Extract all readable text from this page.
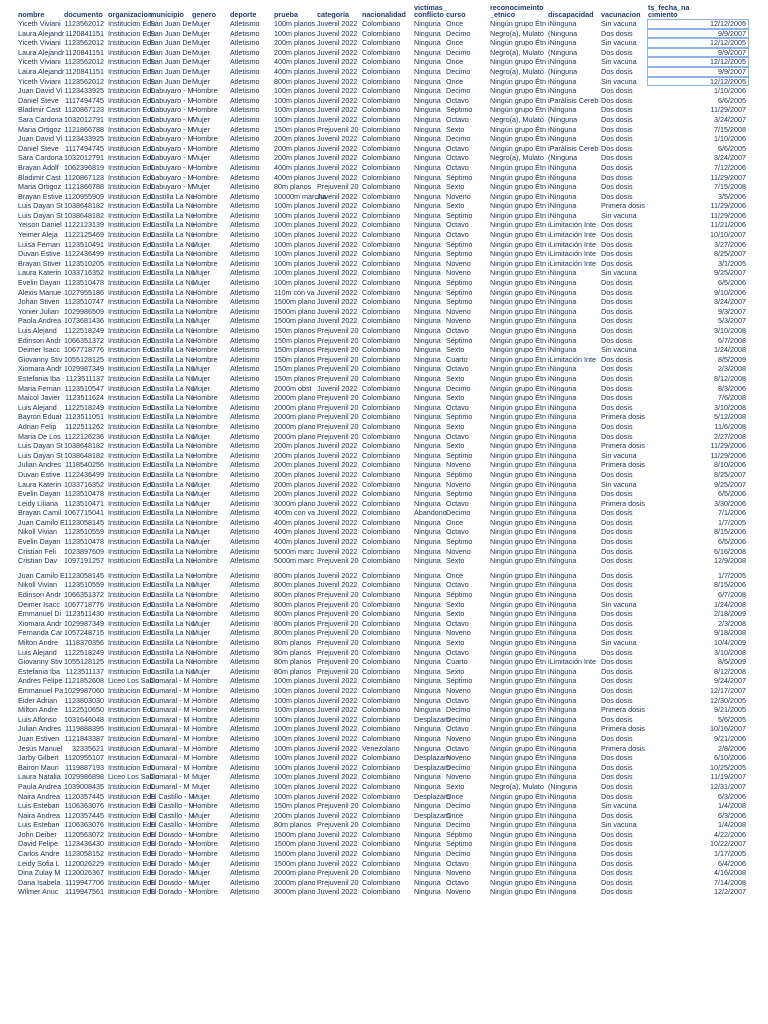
nombre	documento	organizacion	municipio	genero	deporte	prueba	categoria	nacionalidad	victimas_
conflicto	curso	reconocimeinto
_etnico	discapacidad	vacunacion	ts_fecha_na
cimiento
Yiceth Viviani	1123562012	Institucion Edu	San Juan De	Mujer	Atletismo	100m planos	Juvenil 2022	Colombiano	Ninguna	Once	Ningún grupo Étn	iNinguna	Sin vacuna	12/12/2005
Laura Alejandr	1120841151	Institucion Edu	San Juan De	Mujer	Atletismo	100m planos	Juvenil 2022	Colombiano	Ninguna	Decimo	Negro(a), Mulato	(Ninguna	Dos dosis	9/9/2007
Yiceth Viviani	1123562012	Institucion Edu	San Juan De	Mujer	Atletismo	200m planos	Juvenil 2022	Colombiano	Ninguna	Once	Ningún grupo Étn	iNinguna	Sin vacuna	12/12/2005
Laura Alejandr	1120841151	Institucion Edu	San Juan De	Mujer	Atletismo	200m planos	Juvenil 2022	Colombiano	Ninguna	Decimo	Negro(a), Mulato	(Ninguna	Dos dosis	9/9/2007
Yiceth Viviani	1123562012	Institucion Edu	San Juan De	Mujer	Atletismo	400m planos	Juvenil 2022	Colombiano	Ninguna	Once	Ningún grupo Étn	iNinguna	Sin vacuna	12/12/2005
Laura Alejandr	1120841151	Institucion Edu	San Juan De	Mujer	Atletismo	400m planos	Juvenil 2022	Colombiano	Ninguna	Decimo	Negro(a), Mulato	(Ninguna	Dos dosis	9/9/2007
Yiceth Viviani	1123562012	Institucion Edu	San Juan De	Mujer	Atletismo	800m planos	Juvenil 2022	Colombiano	Ninguna	Once	Ningún grupo Étn	iNinguna	Sin vacuna	12/12/2005
Juan David Vi	1123433925	Institucion Edu	Cabuyaro - M	Hombre	Atletismo	100m planos	Juvenil 2022	Colombiano	Ninguna	Decimo	Ningún grupo Étn	iNinguna	Dos dosis	1/10/2006
Daniel Steve	1117494745	Institucion Edu	Cabuyaro - M	Hombre	Atletismo	100m planos	Juvenil 2022	Colombiano	Ninguna	Octavo	Ningún grupo Étn	iParálisis Cereb	Dos dosis	6/6/2005
Bladimir Cast	1120867123	Institucion Edu	Cabuyaro - M	Hombre	Atletismo	100m planos	Juvenil 2022	Colombiano	Ninguna	Séptimo	Ningún grupo Étn	iNinguna	Dos dosis	11/29/2007
Sara Cardona	1032012791	Institucion Edu	Cabuyaro - M	Mujer	Atletismo	100m planos	Juvenil 2022	Colombiano	Ninguna	Octavo	Negro(a), Mulato	(Ninguna	Dos dosis	3/24/2007
Maria Ortigoz	1121866788	Institucion Edu	Cabuyaro - M	Mujer	Atletismo	150m planos	Prejuvenil 20	Colombiano	Ninguna	Sexto	Ningún grupo Étn	iNinguna	Dos dosis	7/15/2008
Juan David Vi	1123433925	Institucion Edu	Cabuyaro - M	Hombre	Atletismo	200m planos	Juvenil 2022	Colombiano	Ninguna	Decimo	Ningún grupo Étn	iNinguna	Dos dosis	1/10/2006
Daniel Steve	1117494745	Institucion Edu	Cabuyaro - M	Hombre	Atletismo	200m planos	Juvenil 2022	Colombiano	Ninguna	Octavo	Ningún grupo Étn	iParálisis Cereb	Dos dosis	6/6/2005
Sara Cardona	1032012791	Institucion Edu	Cabuyaro - M	Mujer	Atletismo	200m planos	Juvenil 2022	Colombiano	Ninguna	Octavo	Negro(a), Mulato	(Ninguna	Dos dosis	3/24/2007
Brayan Adolf	1062396819	Institucion Edu	Cabuyaro - M	Hombre	Atletismo	400m planos	Juvenil 2022	Colombiano	Ninguna	Octavo	Ningún grupo Étn	iNinguna	Dos dosis	7/12/2006
Bladimir Cast	1120867123	Institucion Edu	Cabuyaro - M	Hombre	Atletismo	400m planos	Juvenil 2022	Colombiano	Ninguna	Séptimo	Ningún grupo Étn	iNinguna	Dos dosis	11/29/2007
Maria Ortigoz	1121866788	Institucion Edu	Cabuyaro - M	Mujer	Atletismo	80m planos	Prejuvenil 20	Colombiano	Ninguna	Sexto	Ningún grupo Étn	iNinguna	Dos dosis	7/15/2008
Brayan Estive	1120955909	Institucion Edu	Castilla La Nu	Hombre	Atletismo	10000m marcha	Juvenil 2022	Colombiano	Ninguna	Noveno	Ningún grupo Étn	iNinguna	Dos dosis	3/5/2006
Luis Dayan St	1038648182	Institucion Edu	Castilla La Nu	Hombre	Atletismo	100m planos	Juvenil 2022	Colombiano	Ninguna	Sexto	Ningún grupo Étn	iNinguna	Primera dosis	11/29/2006
Luis Dayan St	1038648182	Institucion Edu	Castilla La Nu	Hombre	Atletismo	100m planos	Juvenil 2022	Colombiano	Ninguna	Séptimo	Ningún grupo Étn	iNinguna	Sin vacuna	11/29/2006
Yeison Daniel	1122123139	Institucion Edu	Castilla La Nu	Hombre	Atletismo	100m planos	Juvenil 2022	Colombiano	Ninguna	Octavo	Ningún grupo Étn	iLimitación Inte	Dos dosis	11/21/2006
Yeimer Aleja	1122125469	Institucion Edu	Castilla La Nu	Hombre	Atletismo	100m planos	Juvenil 2022	Colombiano	Ninguna	Octavo	Ningún grupo Étn	iLimitación Inte	Dos dosis	10/10/2007
Luisa Fernan	1123510491	Institucion Edu	Castilla La Nu	Mujer	Atletismo	100m planos	Juvenil 2022	Colombiano	Ninguna	Séptimo	Ningún grupo Étn	iLimitación Inte	Dos dosis	3/27/2006
Duvan Estive	1122436499	Institucion Edu	Castilla La Nu	Hombre	Atletismo	100m planos	Juvenil 2022	Colombiano	Ninguna	Séptimo	Ningún grupo Étn	iLimitación Inte	Dos dosis	8/25/2007
Brayan Stiver	1123510205	Institucion Edu	Castilla La Nu	Hombre	Atletismo	100m planos	Juvenil 2022	Colombiano	Ninguna	Noveno	Ningún grupo Étn	iLimitación Inte	Dos dosis	3/1/2005
Laura Katerin	1033716352	Institucion Edu	Castilla La Nu	Mujer	Atletismo	100m planos	Juvenil 2022	Colombiano	Ninguna	Noveno	Ningún grupo Étn	iNinguna	Sin vacuna	9/25/2007
Evelin Dayan	1123510478	Institucion Edu	Castilla La Nu	Mujer	Atletismo	100m planos	Juvenil 2022	Colombiano	Ninguna	Séptimo	Ningún grupo Étn	iNinguna	Dos dosis	6/5/2006
Alexis Manue	1027955186	Institucion Edu	Castilla La Nu	Hombre	Atletismo	110m con va	Juvenil 2022	Colombiano	Ninguna	Séptimo	Ningún grupo Étn	iNinguna	Dos dosis	9/10/2006
Johan Stiven	1123510747	Institucion Edu	Castilla La Nu	Hombre	Atletismo	1500m plano	Juvenil 2022	Colombiano	Ninguna	Séptimo	Ningún grupo Étn	iNinguna	Dos dosis	3/24/2007
Yonier Julian	1029986509	Institucion Edu	Castilla La Nu	Hombre	Atletismo	1500m plano	Juvenil 2022	Colombiano	Ninguna	Noveno	Ningún grupo Étn	iNinguna	Dos dosis	9/3/2007
Paola Andrea	1073681436	Institucion Edu	Castilla La Nu	Mujer	Atletismo	1500m plano	Juvenil 2022	Colombiano	Ninguna	Noveno	Ningún grupo Étn	iNinguna	Dos dosis	5/3/2007
Luis Alejand	1122518249	Institucion Edu	Castilla La Nu	Hombre	Atletismo	150m planos	Prejuvenil 20	Colombiano	Ninguna	Octavo	Ningún grupo Étn	iNinguna	Dos dosis	3/10/2008
Edinson Andr	1066351372	Institucion Edu	Castilla La Nu	Hombre	Atletismo	150m planos	Prejuvenil 20	Colombiano	Ninguna	Séptimo	Ningún grupo Étn	iNinguna	Dos dosis	6/7/2008
Deimer Isacc	1067718776	Institucion Edu	Castilla La Nu	Hombre	Atletismo	150m planos	Prejuvenil 20	Colombiano	Ninguna	Sexto	Ningún grupo Étn	iNinguna	Sin vacuna	1/24/2008
Giovanny Stiv	1055128125	Institucion Edu	Castilla La Nu	Hombre	Atletismo	150m planos	Prejuvenil 20	Colombiano	Ninguna	Cuarto	Ningún grupo Étn	iLimitación Inte	Dos dosis	8/5/2009
Xiomara Andr	1029987349	Institucion Edu	Castilla La Nu	Mujer	Atletismo	150m planos	Prejuvenil 20	Colombiano	Ninguna	Octavo	Ningún grupo Étn	iNinguna	Dos dosis	2/3/2008
Estefania Iba	1123511137	Institucion Edu	Castilla La Nu	Mujer	Atletismo	150m planos	Prejuvenil 20	Colombiano	Ninguna	Sexto	Ningún grupo Étn	iNinguna	Dos dosis	8/12/2008
Maria Fernan	1123510547	Institucion Edu	Castilla La Nu	Mujer	Atletismo	2000m obst	Juvenil 2022	Colombiano	Ninguna	Decimo	Ningún grupo Étn	iNinguna	Dos dosis	8/3/2006
Maicol Javier	1123511624	Institucion Edu	Castilla La Nu	Hombre	Atletismo	2000m plano	Prejuvenil 20	Colombiano	Ninguna	Sexto	Ningún grupo Étn	iNinguna	Dos dosis	7/6/2008
Luis Alejand	1122518249	Institucion Edu	Castilla La Nu	Hombre	Atletismo	2000m plano	Prejuvenil 20	Colombiano	Ninguna	Octavo	Ningún grupo Étn	iNinguna	Dos dosis	3/10/2008
Bayron Eduar	1123511051	Institucion Edu	Castilla La Nu	Hombre	Atletismo	2000m plano	Prejuvenil 20	Colombiano	Ninguna	Séptimo	Ningún grupo Étn	iNinguna	Primera dosis	5/12/2008
Adrian Felip	1122511262	Institucion Edu	Castilla La Nu	Hombre	Atletismo	2000m plano	Prejuvenil 20	Colombiano	Ninguna	Sexto	Ningún grupo Étn	iNinguna	Dos dosis	11/6/2008
Maria De Los	1122126236	Institucion Edu	Castilla La Nu	Mujer	Atletismo	2000m plano	Prejuvenil 20	Colombiano	Ninguna	Octavo	Ningún grupo Étn	iNinguna	Dos dosis	2/27/2008
Luis Dayan St	1038648182	Institucion Edu	Castilla La Nu	Hombre	Atletismo	200m planos	Juvenil 2022	Colombiano	Ninguna	Sexto	Ningún grupo Étn	iNinguna	Primera dosis	11/29/2006
Luis Dayan St	1038648182	Institucion Edu	Castilla La Nu	Hombre	Atletismo	200m planos	Juvenil 2022	Colombiano	Ninguna	Séptimo	Ningún grupo Étn	iNinguna	Sin vacuna	11/29/2006
Julian Andres	1118540256	Institucion Edu	Castilla La Nu	Hombre	Atletismo	200m planos	Juvenil 2022	Colombiano	Ninguna	Noveno	Ningún grupo Étn	iNinguna	Primera dosis	8/10/2006
Duvan Estive	1122436499	Institucion Edu	Castilla La Nu	Hombre	Atletismo	200m planos	Juvenil 2022	Colombiano	Ninguna	Séptimo	Ningún grupo Étn	iNinguna	Dos dosis	8/25/2007
Laura Katerin	1033716352	Institucion Edu	Castilla La Nu	Mujer	Atletismo	200m planos	Juvenil 2022	Colombiano	Ninguna	Noveno	Ningún grupo Étn	iNinguna	Sin vacuna	9/25/2007
Evelin Dayan	1123510478	Institucion Edu	Castilla La Nu	Mujer	Atletismo	200m planos	Juvenil 2022	Colombiano	Ninguna	Séptimo	Ningún grupo Étn	iNinguna	Dos dosis	6/5/2006
Leidy Liliana	1123510471	Institucion Edu	Castilla La Nu	Mujer	Atletismo	3000m plano	Juvenil 2022	Colombiano	Ninguna	Octavo	Ningún grupo Étn	iNinguna	Primera dosis	3/30/2006
Brayan Camil	1067715041	Institucion Edu	Castilla La Nu	Hombre	Atletismo	400m con va	Juvenil 2022	Colombiano	Abandono	Decimo	Ningún grupo Étn	iNinguna	Dos dosis	7/1/2006
Juan Camilo E	1123058145	Institucion Edu	Castilla La Nu	Hombre	Atletismo	400m planos	Juvenil 2022	Colombiano	Ninguna	Once	Ningún grupo Étn	iNinguna	Dos dosis	1/7/2005
Nikoll Vivian	1123510559	Institucion Edu	Castilla La Nu	Mujer	Atletismo	400m planos	Juvenil 2022	Colombiano	Ninguna	Octavo	Ningún grupo Étn	iNinguna	Dos dosis	8/15/2006
Evelin Dayan	1123510478	Institucion Edu	Castilla La Nu	Mujer	Atletismo	400m planos	Juvenil 2022	Colombiano	Ninguna	Séptimo	Ningún grupo Étn	iNinguna	Dos dosis	6/5/2006
Cristian Feli	1023897609	Institucion Edu	Castilla La Nu	Hombre	Atletismo	5000m marc	Juvenil 2022	Colombiano	Ninguna	Noveno	Ningún grupo Étn	iNinguna	Dos dosis	6/16/2008
Cristian Dav	1097191257	Institucion Edu	Castilla La Nu	Hombre	Atletismo	5000m marc	Prejuvenil 20	Colombiano	Ninguna	Sexto	Ningún grupo Étn	iNinguna	Dos dosis	12/9/2008

Juan Camilo E	1123058145	Institucion Edu	Castilla La Nu	Hombre	Atletismo	800m planos	Juvenil 2022	Colombiano	Ninguna	Once	Ningún grupo Étn	iNinguna	Dos dosis	1/7/2005
Nikoll Vivian	1123510559	Institucion Edu	Castilla La Nu	Mujer	Atletismo	800m planos	Juvenil 2022	Colombiano	Ninguna	Octavo	Ningún grupo Étn	iNinguna	Dos dosis	8/15/2006
Edinson Andr	1066351372	Institucion Edu	Castilla La Nu	Hombre	Atletismo	800m planos	Prejuvenil 20	Colombiano	Ninguna	Séptimo	Ningún grupo Étn	iNinguna	Dos dosis	6/7/2008
Deimer Isacc	1067718776	Institucion Edu	Castilla La Nu	Hombre	Atletismo	800m planos	Prejuvenil 20	Colombiano	Ninguna	Sexto	Ningún grupo Étn	iNinguna	Sin vacuna	1/24/2008
Emmanuel Di	1123511430	Institucion Edu	Castilla La Nu	Hombre	Atletismo	800m planos	Prejuvenil 20	Colombiano	Ninguna	Sexto	Ningún grupo Étn	iNinguna	Dos dosis	2/18/2009
Xiomara Andr	1029987349	Institucion Edu	Castilla La Nu	Mujer	Atletismo	800m planos	Prejuvenil 20	Colombiano	Ninguna	Octavo	Ningún grupo Étn	iNinguna	Dos dosis	2/3/2008
Fernanda Car	1057248715	Institucion Edu	Castilla La Nu	Mujer	Atletismo	800m planos	Prejuvenil 20	Colombiano	Ninguna	Noveno	Ningún grupo Étn	iNinguna	Dos dosis	9/18/2008
Milton Andre	1118370356	Institucion Edu	Castilla La Nu	Hombre	Atletismo	80m planos	Prejuvenil 20	Colombiano	Ninguna	Sexto	Ningún grupo Étn	iNinguna	Sin vacuna	10/4/2009
Luis Alejand	1122518249	Institucion Edu	Castilla La Nu	Hombre	Atletismo	80m planos	Prejuvenil 20	Colombiano	Ninguna	Octavo	Ningún grupo Étn	iNinguna	Dos dosis	3/10/2008
Giovanny Stiv	1055128125	Institucion Edu	Castilla La Nu	Hombre	Atletismo	80m planos	Prejuvenil 20	Colombiano	Ninguna	Cuarto	Ningún grupo Étn	iLimitación Inte	Dos dosis	8/5/2009
Estefania Iba	1123511137	Institucion Edu	Castilla La Nu	Mujer	Atletismo	80m planos	Prejuvenil 20	Colombiano	Ninguna	Sexto	Ningún grupo Étn	iNinguna	Dos dosis	8/12/2008
Andres Felipe	1121852608	Liceo Los Sabio	Cumaral - M	Hombre	Atletismo	100m planos	Juvenil 2022	Colombiano	Ninguna	Séptimo	Ningún grupo Étn	iNinguna	Dos dosis	9/24/2007
Emmanuel Pa	1029987060	Institucion Edu	Cumaral - M	Hombre	Atletismo	100m planos	Juvenil 2022	Colombiano	Ninguna	Noveno	Ningún grupo Étn	iNinguna	Dos dosis	12/17/2007
Eider Adrian	1123803030	Institucion Edu	Cumaral - M	Hombre	Atletismo	100m planos	Juvenil 2022	Colombiano	Ninguna	Octavo	Ningún grupo Étn	iNinguna	Dos dosis	12/30/2005
Milton Andre	1122510650	Institucion Edu	Cumaral - M	Hombre	Atletismo	100m planos	Juvenil 2022	Colombiano	Ninguna	Decimo	Ningún grupo Étn	iNinguna	Primera dosis	9/21/2005
Luis Alfonso	1031646048	Institucion Edu	Cumaral - M	Hombre	Atletismo	100m planos	Juvenil 2022	Colombiano	Desplazam	Decimo	Ningún grupo Étn	iNinguna	Dos dosis	5/6/2005
Julian Andres	1119888395	Institucion Edu	Cumaral - M	Hombre	Atletismo	100m planos	Juvenil 2022	Colombiano	Ninguna	Octavo	Ningún grupo Étn	iNinguna	Primera dosis	10/16/2007
Juan Estiven	1121843387	Institucion Edu	Cumaral - M	Hombre	Atletismo	100m planos	Juvenil 2022	Colombiano	Ninguna	Noveno	Ningún grupo Étn	iNinguna	Dos dosis	9/21/2006
Jesus Manuel	32335621	Institucion Edu	Cumaral - M	Hombre	Atletismo	100m planos	Juvenil 2022	Venezolano	Ninguna	Octavo	Ningún grupo Étn	iNinguna	Primera dosis	2/8/2006
Jarby Gilbert	1120955107	Institucion Edu	Cumaral - M	Hombre	Atletismo	100m planos	Juvenil 2022	Colombiano	Desplazam	Noveno	Ningún grupo Étn	iNinguna	Dos dosis	6/10/2006
Bairon Mauri	1119887193	Institucion Edu	Cumaral - M	Hombre	Atletismo	100m planos	Juvenil 2022	Colombiano	Desplazam	Decimo	Ningún grupo Étn	iNinguna	Dos dosis	10/25/2005
Laura Natalia	1029986898	Liceo Los Sabio	Cumaral - M	Mujer	Atletismo	100m planos	Juvenil 2022	Colombiano	Ninguna	Noveno	Ningún grupo Étn	iNinguna	Dos dosis	11/19/2007
Paula Andrea	1039008435	Institucion Edu	Cumaral - M	Mujer	Atletismo	100m planos	Juvenil 2022	Colombiano	Ninguna	Sexto	Negro(a), Mulato	(Ninguna	Dos dosis	12/31/2007
Naira Andrea	1120357445	Institucion Edu	El Castillo - M	Mujer	Atletismo	100m planos	Juvenil 2022	Colombiano	Desplazam	Once	Ningún grupo Étn	iNinguna	Dos dosis	6/3/2006
Luis Esteban	1106363076	Institucion Edu	El Castillo - M	Hombre	Atletismo	150m planos	Prejuvenil 20	Colombiano	Ninguna	Decimo	Ningún grupo Étn	iNinguna	Sin vacuna	1/4/2008
Naira Andrea	1120357445	Institucion Edu	El Castillo - M	Mujer	Atletismo	200m planos	Juvenil 2022	Colombiano	Desplazam	Once	Ningún grupo Étn	iNinguna	Dos dosis	6/3/2006
Luis Esteban	1106363076	Institucion Edu	El Castillo - M	Hombre	Atletismo	80m planos	Prejuvenil 20	Colombiano	Ninguna	Decimo	Ningún grupo Étn	iNinguna	Sin vacuna	1/4/2008
John Deiber	1120563072	Institucion Edu	El Dorado - M	Hombre	Atletismo	1500m plano	Juvenil 2022	Colombiano	Ninguna	Séptimo	Ningún grupo Étn	iNinguna	Dos dosis	4/22/2006
David Felipe	1123436430	Institucion Edu	El Dorado - M	Hombre	Atletismo	1500m plano	Juvenil 2022	Colombiano	Ninguna	Séptimo	Ningún grupo Étn	iNinguna	Dos dosis	10/22/2007
Carlos Andre	1123058152	Institucion Edu	El Dorado - M	Hombre	Atletismo	1500m plano	Juvenil 2022	Colombiano	Ninguna	Decimo	Ningún grupo Étn	iNinguna	Dos dosis	1/17/2005
Leidy Sofia L	1120026229	Institucion Edu	El Dorado - M	Mujer	Atletismo	1500m plano	Juvenil 2022	Colombiano	Ninguna	Octavo	Ningún grupo Étn	iNinguna	Dos dosis	6/4/2006
Dina Zulay M	1120026367	Institucion Edu	El Dorado - M	Mujer	Atletismo	2000m plano	Prejuvenil 20	Colombiano	Ninguna	Noveno	Ningún grupo Étn	iNinguna	Dos dosis	4/16/2008
Dana Isabela	1119947706	Institucion Edu	El Dorado - M	Mujer	Atletismo	2000m plano	Prejuvenil 20	Colombiano	Ninguna	Octavo	Ningún grupo Étn	iNinguna	Dos dosis	7/14/2008
Wilmer Anuc	1119947561	Institucion Edu	El Dorado - M	Hombre	Atletismo	3000m plano	Juvenil 2022	Colombiano	Ninguna	Noveno	Ningún grupo Étn	iNinguna	Dos dosis	12/2/2007
